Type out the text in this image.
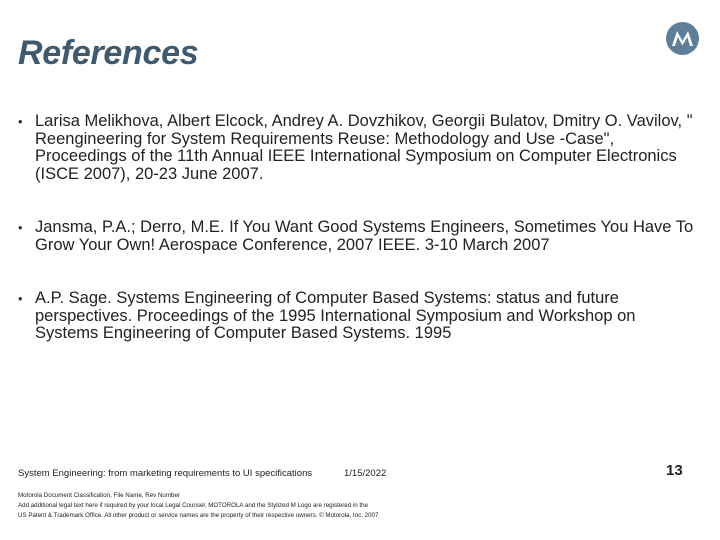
References
• Larisa Melikhova, Albert Elcock, Andrey A. Dovzhikov, Georgii Bulatov, Dmitry O. Vavilov, " Reengineering for System Requirements Reuse: Methodology and Use -Case", Proceedings of the 11th Annual IEEE International Symposium on Computer Electronics (ISCE 2007), 20-23 June 2007.
• Jansma, P.A.; Derro, M.E. If You Want Good Systems Engineers, Sometimes You Have To Grow Your Own! Aerospace Conference, 2007 IEEE. 3-10 March 2007
• A.P. Sage. Systems Engineering of Computer Based Systems: status and future perspectives. Proceedings of the 1995 International Symposium and Workshop on Systems Engineering of Computer Based Systems. 1995
System Engineering: from marketing requirements to UI specifications	1/15/2022	13
Motorola Document Classification, File Name, Rev Number
Add additional legal text here if required by your local Legal Counsel. MOTOROLA and the Stylized M Logo are registered in the
US Patent & Trademark Office. All other product or service names are the property of their respective owners. © Motorola, Inc. 2007
